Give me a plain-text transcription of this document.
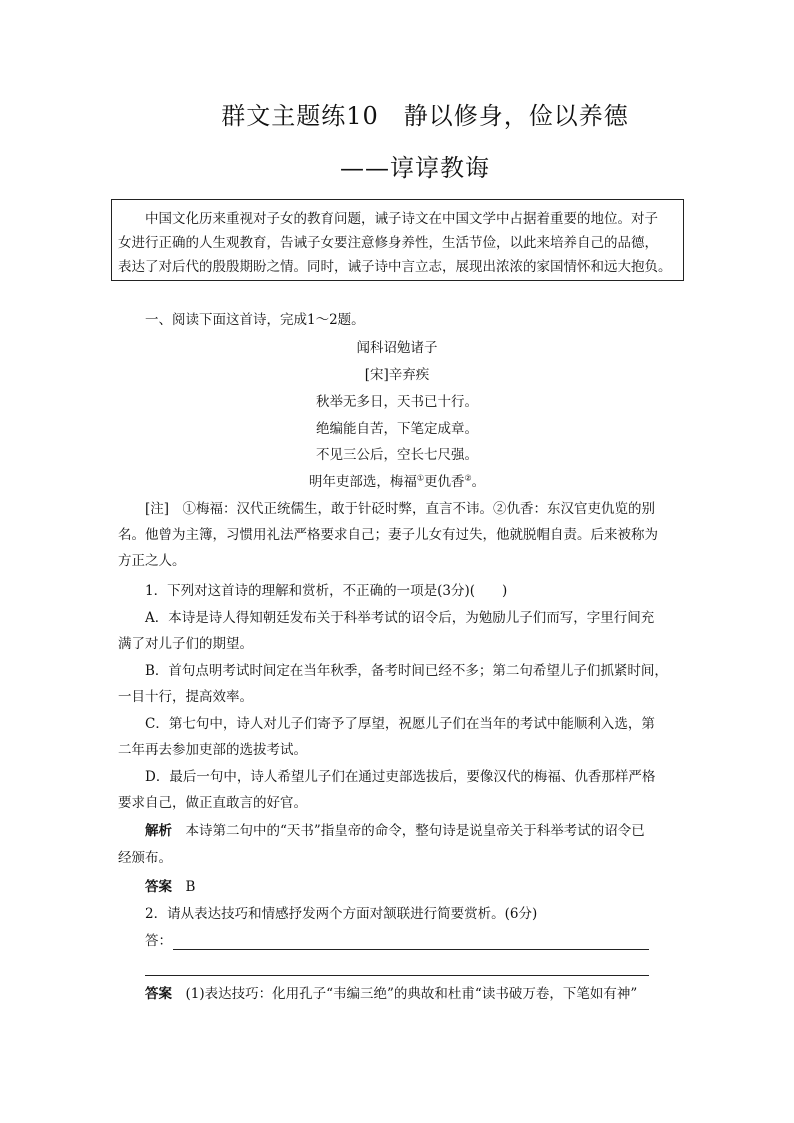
群文主题练10　静以修身，俭以养德
——谆谆教诲
　　中国文化历来重视对子女的教育问题，诫子诗文在中国文学中占据着重要的地位。对子
女进行正确的人生观教育，告诫子女要注意修身养性，生活节俭，以此来培养自己的品德，
表达了对后代的殷殷期盼之情。同时，诫子诗中言立志，展现出浓浓的家国情怀和远大抱负。
一、阅读下面这首诗，完成1～2题。
闻科诏勉诸子
[宋]辛弃疾
秋举无多日，天书已十行。
绝编能自苦，下笔定成章。
不见三公后，空长七尺强。
明年吏部选，梅福①更仇香②。
[注]　①梅福：汉代正统儒生，敢于针砭时弊，直言不讳。②仇香：东汉官吏仇览的别
名。他曾为主簿，习惯用礼法严格要求自己；妻子儿女有过失，他就脱帽自责。后来被称为
方正之人。
1．下列对这首诗的理解和赏析，不正确的一项是(3分)(　　)
A．本诗是诗人得知朝廷发布关于科举考试的诏令后，为勉励儿子们而写，字里行间充
满了对儿子们的期望。
B．首句点明考试时间定在当年秋季，备考时间已经不多；第二句希望儿子们抓紧时间，
一目十行，提高效率。
C．第七句中，诗人对儿子们寄予了厚望，祝愿儿子们在当年的考试中能顺利入选，第
二年再去参加吏部的选拔考试。
D．最后一句中，诗人希望儿子们在通过吏部选拔后，要像汉代的梅福、仇香那样严格
要求自己，做正直敢言的好官。
解析　本诗第二句中的“天书”指皇帝的命令，整句诗是说皇帝关于科举考试的诏令已
经颁布。
答案　B
2．请从表达技巧和情感抒发两个方面对颔联进行简要赏析。(6分)
答：
答案　(1)表达技巧：化用孔子“韦编三绝”的典故和杜甫“读书破万卷，下笔如有神”
